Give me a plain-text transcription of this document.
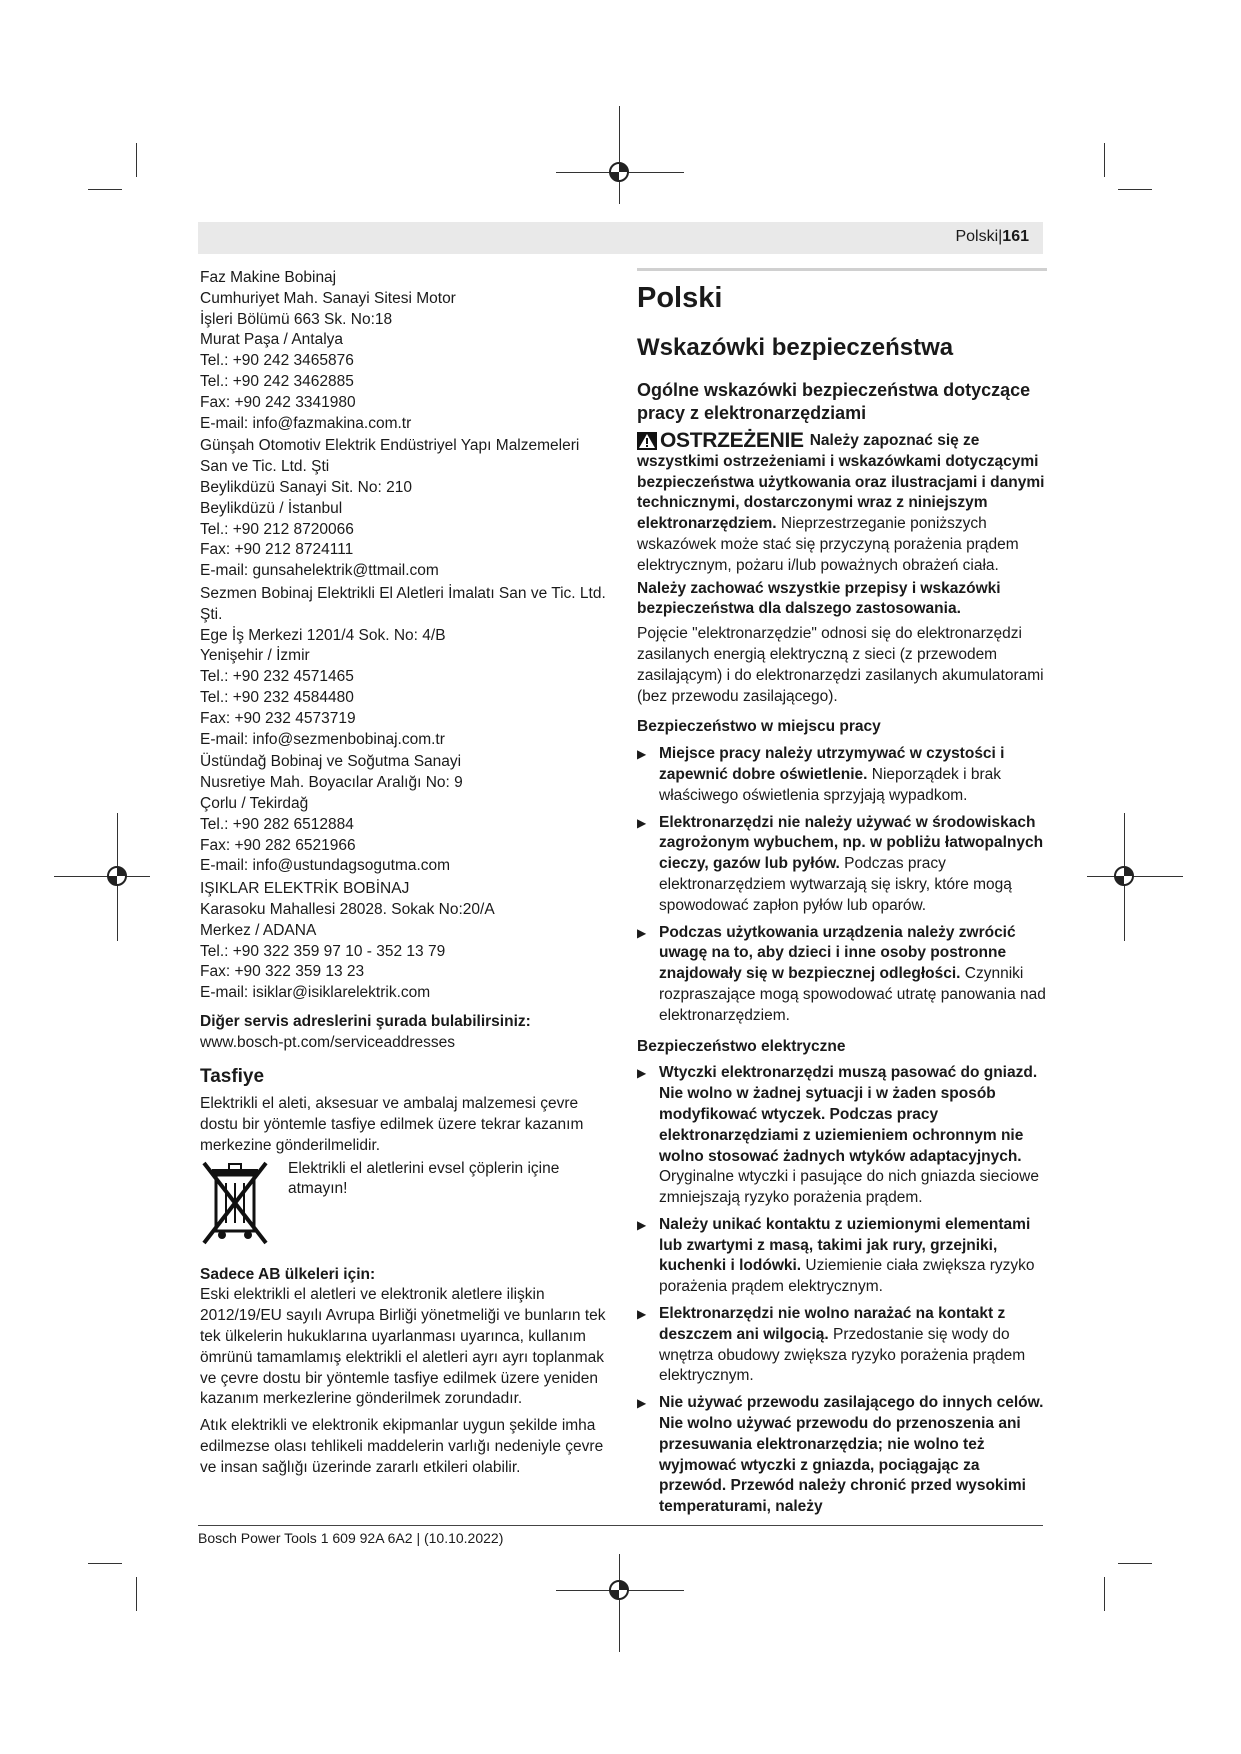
Polski|161
Faz Makine Bobinaj
Cumhuriyet Mah. Sanayi Sitesi Motor
İşleri Bölümü 663 Sk. No:18
Murat Paşa / Antalya
Tel.: +90 242 3465876
Tel.: +90 242 3462885
Fax: +90 242 3341980
E-mail: info@fazmakina.com.tr
Günşah Otomotiv Elektrik Endüstriyel Yapı Malzemeleri San ve Tic. Ltd. Şti
Beylikdüzü Sanayi Sit. No: 210
Beylikdüzü / İstanbul
Tel.: +90 212 8720066
Fax: +90 212 8724111
E-mail: gunsahelektrik@ttmail.com
Sezmen Bobinaj Elektrikli El Aletleri İmalatı San ve Tic. Ltd. Şti.
Ege İş Merkezi 1201/4 Sok. No: 4/B
Yenişehir / İzmir
Tel.: +90 232 4571465
Tel.: +90 232 4584480
Fax: +90 232 4573719
E-mail: info@sezmenbobinaj.com.tr
Üstündağ Bobinaj ve Soğutma Sanayi
Nusretiye Mah. Boyacılar Aralığı No: 9
Çorlu / Tekirdağ
Tel.: +90 282 6512884
Fax: +90 282 6521966
E-mail: info@ustundagsogutma.com
IŞIKLAR ELEKTRİK BOBİNAJ
Karasoku Mahallesi 28028. Sokak No:20/A
Merkez / ADANA
Tel.: +90 322 359 97 10 - 352 13 79
Fax: +90 322 359 13 23
E-mail: isiklar@isiklarelektrik.com
Diğer servis adreslerini şurada bulabilirsiniz:
www.bosch-pt.com/serviceaddresses
Tasfiye
Elektrikli el aleti, aksesuar ve ambalaj malzemesi çevre dostu bir yöntemle tasfiye edilmek üzere tekrar kazanım merkezine gönderilmelidir.
Elektrikli el aletlerini evsel çöplerin içine atmayın!
Sadece AB ülkeleri için:
Eski elektrikli el aletleri ve elektronik aletlere ilişkin 2012/19/EU sayılı Avrupa Birliği yönetmeliği ve bunların tek tek ülkelerin hukuklarına uyarlanması uyarınca, kullanım ömrünü tamamlamış elektrikli el aletleri ayrı ayrı toplanmak ve çevre dostu bir yöntemle tasfiye edilmek üzere yeniden kazanım merkezlerine gönderilmek zorundadır.
Atık elektrikli ve elektronik ekipmanlar uygun şekilde imha edilmezse olası tehlikeli maddelerin varlığı nedeniyle çevre ve insan sağlığı üzerinde zararlı etkileri olabilir.
Polski
Wskazówki bezpieczeństwa
Ogólne wskazówki bezpieczeństwa dotyczące pracy z elektronarzędziami
OSTRZEŻENIE Należy zapoznać się ze wszystkimi ostrzeżeniami i wskazówkami dotyczącymi bezpieczeństwa użytkowania oraz ilustracjami i danymi technicznymi, dostarczonymi wraz z niniejszym elektronarzędziem. Nieprzestrzeganie poniższych wskazówek może stać się przyczyną porażenia prądem elektrycznym, pożaru i/lub poważnych obrażeń ciała.
Należy zachować wszystkie przepisy i wskazówki bezpieczeństwa dla dalszego zastosowania.
Pojęcie "elektronarzędzie" odnosi się do elektronarzędzi zasilanych energią elektryczną z sieci (z przewodem zasilającym) i do elektronarzędzi zasilanych akumulatorami (bez przewodu zasilającego).
Bezpieczeństwo w miejscu pracy
▶ Miejsce pracy należy utrzymywać w czystości i zapewnić dobre oświetlenie. Nieporządek i brak właściwego oświetlenia sprzyjają wypadkom.
▶ Elektronarzędzi nie należy używać w środowiskach zagrożonym wybuchem, np. w pobliżu łatwopalnych cieczy, gazów lub pyłów. Podczas pracy elektronarzędziem wytwarzają się iskry, które mogą spowodować zapłon pyłów lub oparów.
▶ Podczas użytkowania urządzenia należy zwrócić uwagę na to, aby dzieci i inne osoby postronne znajdowały się w bezpiecznej odległości. Czynniki rozpraszające mogą spowodować utratę panowania nad elektronarzędziem.
Bezpieczeństwo elektryczne
▶ Wtyczki elektronarzędzi muszą pasować do gniazd. Nie wolno w żadnej sytuacji i w żaden sposób modyfikować wtyczek. Podczas pracy elektronarzędziami z uziemieniem ochronnym nie wolno stosować żadnych wtyków adaptacyjnych. Oryginalne wtyczki i pasujące do nich gniazda sieciowe zmniejszają ryzyko porażenia prądem.
▶ Należy unikać kontaktu z uziemionymi elementami lub zwartymi z masą, takimi jak rury, grzejniki, kuchenki i lodówki. Uziemienie ciała zwiększa ryzyko porażenia prądem elektrycznym.
▶ Elektronarzędzi nie wolno narażać na kontakt z deszczem ani wilgocią. Przedostanie się wody do wnętrza obudowy zwiększa ryzyko porażenia prądem elektrycznym.
▶ Nie używać przewodu zasilającego do innych celów. Nie wolno używać przewodu do przenoszenia ani przesuwania elektronarzędzia; nie wolno też wyjmować wtyczki z gniazda, pociągając za przewód. Przewód należy chronić przed wysokimi temperaturami, należy
Bosch Power Tools 1 609 92A 6A2 | (10.10.2022)
